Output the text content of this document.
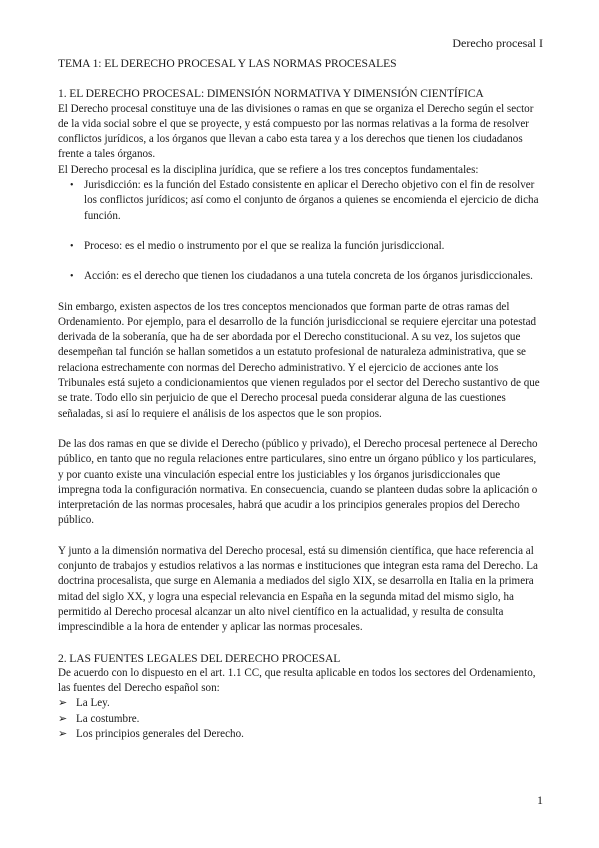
Derecho procesal I

TEMA 1: EL DERECHO PROCESAL Y LAS NORMAS PROCESALES

1. EL DERECHO PROCESAL: DIMENSIÓN NORMATIVA Y DIMENSIÓN CIENTÍFICA

El Derecho procesal constituye una de las divisiones o ramas en que se organiza el Derecho según el sector de la vida social sobre el que se proyecte, y está compuesto por las normas relativas a la forma de resolver conflictos jurídicos, a los órganos que llevan a cabo esta tarea y a los derechos que tienen los ciudadanos frente a tales órganos.

El Derecho procesal es la disciplina jurídica, que se refiere a los tres conceptos fundamentales:

• Jurisdicción: es la función del Estado consistente en aplicar el Derecho objetivo con el fin de resolver los conflictos jurídicos; así como el conjunto de órganos a quienes se encomienda el ejercicio de dicha función.
• Proceso: es el medio o instrumento por el que se realiza la función jurisdiccional.
• Acción: es el derecho que tienen los ciudadanos a una tutela concreta de los órganos jurisdiccionales.

Sin embargo, existen aspectos de los tres conceptos mencionados que forman parte de otras ramas del Ordenamiento. Por ejemplo, para el desarrollo de la función jurisdiccional se requiere ejercitar una potestad derivada de la soberanía, que ha de ser abordada por el Derecho constitucional. A su vez, los sujetos que desempeñan tal función se hallan sometidos a un estatuto profesional de naturaleza administrativa, que se relaciona estrechamente con normas del Derecho administrativo. Y el ejercicio de acciones ante los Tribunales está sujeto a condicionamientos que vienen regulados por el sector del Derecho sustantivo de que se trate. Todo ello sin perjuicio de que el Derecho procesal pueda considerar alguna de las cuestiones señaladas, si así lo requiere el análisis de los aspectos que le son propios.

De las dos ramas en que se divide el Derecho (público y privado), el Derecho procesal pertenece al Derecho público, en tanto que no regula relaciones entre particulares, sino entre un órgano público y los particulares, y por cuanto existe una vinculación especial entre los justiciables y los órganos jurisdiccionales que impregna toda la configuración normativa. En consecuencia, cuando se planteen dudas sobre la aplicación o interpretación de las normas procesales, habrá que acudir a los principios generales propios del Derecho público.

Y junto a la dimensión normativa del Derecho procesal, está su dimensión científica, que hace referencia al conjunto de trabajos y estudios relativos a las normas e instituciones que integran esta rama del Derecho. La doctrina procesalista, que surge en Alemania a mediados del siglo XIX, se desarrolla en Italia en la primera mitad del siglo XX, y logra una especial relevancia en España en la segunda mitad del mismo siglo, ha permitido al Derecho procesal alcanzar un alto nivel científico en la actualidad, y resulta de consulta imprescindible a la hora de entender y aplicar las normas procesales.

2. LAS FUENTES LEGALES DEL DERECHO PROCESAL

De acuerdo con lo dispuesto en el art. 1.1 CC, que resulta aplicable en todos los sectores del Ordenamiento, las fuentes del Derecho español son:

➢ La Ley.
➢ La costumbre.
➢ Los principios generales del Derecho.
1
